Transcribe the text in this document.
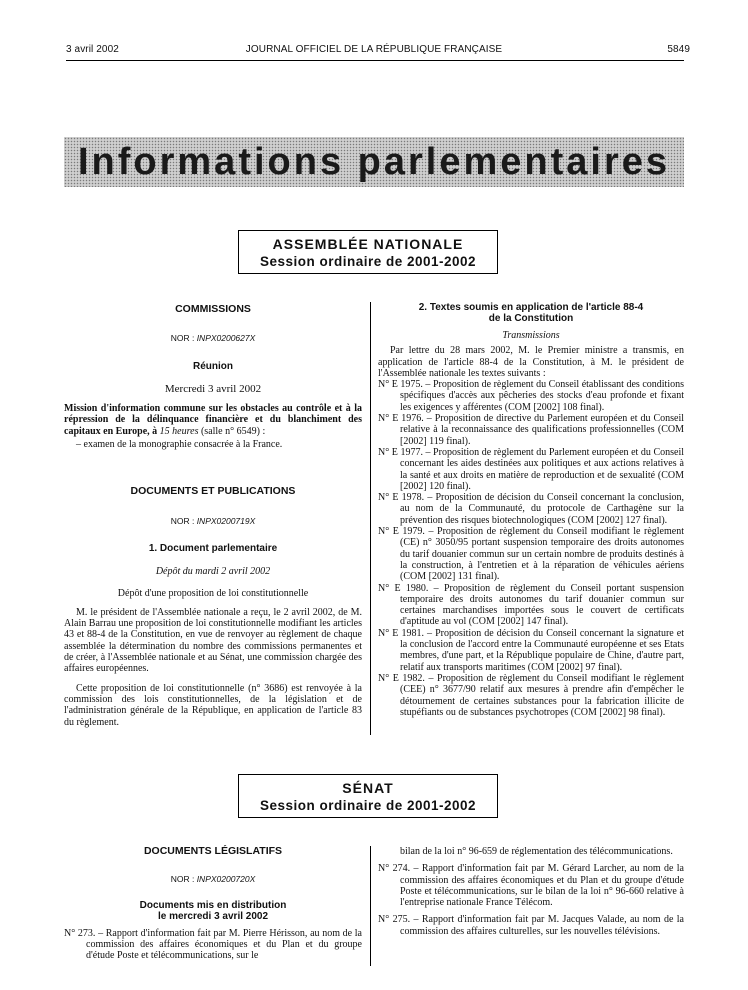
3 avril 2002	JOURNAL OFFICIEL DE LA RÉPUBLIQUE FRANÇAISE	5849
Informations parlementaires
ASSEMBLÉE NATIONALE
Session ordinaire de 2001-2002
COMMISSIONS
NOR : INPX0200627X
Réunion
Mercredi 3 avril 2002

Mission d'information commune sur les obstacles au contrôle et à la répression de la délinquance financière et du blanchiment des capitaux en Europe, à 15 heures (salle n° 6549) :

– examen de la monographie consacrée à la France.

DOCUMENTS ET PUBLICATIONS
NOR : INPX0200719X
1. Document parlementaire
Dépôt du mardi 2 avril 2002
Dépôt d'une proposition de loi constitutionnelle

M. le président de l'Assemblée nationale a reçu, le 2 avril 2002, de M. Alain Barrau une proposition de loi constitutionnelle modifiant les articles 43 et 88-4 de la Constitution, en vue de renvoyer au règlement de chaque assemblée la détermination du nombre des commissions permanentes et de créer, à l'Assemblée nationale et au Sénat, une commission chargée des affaires européennes.

Cette proposition de loi constitutionnelle (n° 3686) est renvoyée à la commission des lois constitutionnelles, de la législation et de l'administration générale de la République, en application de l'article 83 du règlement.

2. Textes soumis en application de l'article 88-4
de la Constitution
Transmissions

Par lettre du 28 mars 2002, M. le Premier ministre a transmis, en application de l'article 88-4 de la Constitution, à M. le président de l'Assemblée nationale les textes suivants :

N° E 1975. – Proposition de règlement du Conseil établissant des conditions spécifiques d'accès aux pêcheries des stocks d'eau profonde et fixant les exigences y afférentes (COM [2002] 108 final).

N° E 1976. – Proposition de directive du Parlement européen et du Conseil relative à la reconnaissance des qualifications professionnelles (COM [2002] 119 final).

N° E 1977. – Proposition de règlement du Parlement européen et du Conseil concernant les aides destinées aux politiques et aux actions relatives à la santé et aux droits en matière de reproduction et de sexualité (COM [2002] 120 final).

N° E 1978. – Proposition de décision du Conseil concernant la conclusion, au nom de la Communauté, du protocole de Carthagène sur la prévention des risques biotechnologiques (COM [2002] 127 final).

N° E 1979. – Proposition de règlement du Conseil modifiant le règlement (CE) n° 3050/95 portant suspension temporaire des droits autonomes du tarif douanier commun sur un certain nombre de produits destinés à la construction, à l'entretien et à la réparation de véhicules aériens (COM [2002] 131 final).

N° E 1980. – Proposition de règlement du Conseil portant suspension temporaire des droits autonomes du tarif douanier commun sur certaines marchandises importées sous le couvert de certificats d'aptitude au vol (COM [2002] 147 final).

N° E 1981. – Proposition de décision du Conseil concernant la signature et la conclusion de l'accord entre la Communauté européenne et ses Etats membres, d'une part, et la République populaire de Chine, d'autre part, relatif aux transports maritimes (COM [2002] 97 final).

N° E 1982. – Proposition de règlement du Conseil modifiant le règlement (CEE) n° 3677/90 relatif aux mesures à prendre afin d'empêcher le détournement de certaines substances pour la fabrication illicite de stupéfiants ou de substances psychotropes (COM [2002] 98 final).

SÉNAT
Session ordinaire de 2001-2002
DOCUMENTS LÉGISLATIFS
NOR : INPX0200720X
Documents mis en distribution
le mercredi 3 avril 2002

N° 273. – Rapport d'information fait par M. Pierre Hérisson, au nom de la commission des affaires économiques et du Plan et du groupe d'étude Poste et télécommunications, sur le

bilan de la loi n° 96-659 de réglementation des télécommunications.

N° 274. – Rapport d'information fait par M. Gérard Larcher, au nom de la commission des affaires économiques et du Plan et du groupe d'étude Poste et télécommunications, sur le bilan de la loi n° 96-660 relative à l'entreprise nationale France Télécom.

N° 275. – Rapport d'information fait par M. Jacques Valade, au nom de la commission des affaires culturelles, sur les nouvelles télévisions.
